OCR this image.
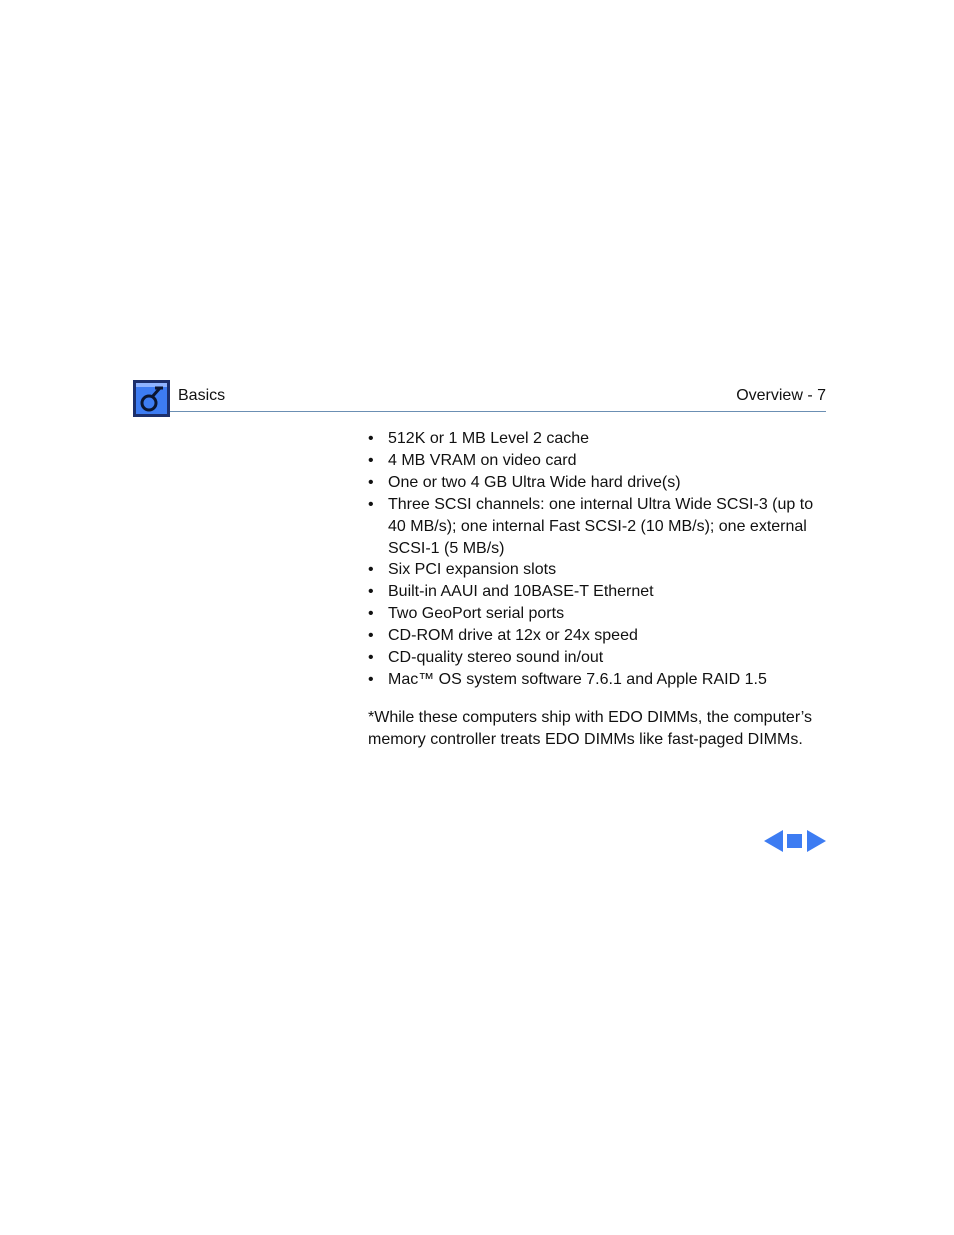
Basics	Overview - 7
• 512K or 1 MB Level 2 cache
• 4 MB VRAM on video card
• One or two 4 GB Ultra Wide hard drive(s)
• Three SCSI channels: one internal Ultra Wide SCSI-3 (up to 40 MB/s); one internal Fast SCSI-2 (10 MB/s); one external SCSI-1 (5 MB/s)
• Six PCI expansion slots
• Built-in AAUI and 10BASE-T Ethernet
• Two GeoPort serial ports
• CD-ROM drive at 12x or 24x speed
• CD-quality stereo sound in/out
• Mac™ OS system software 7.6.1 and Apple RAID 1.5

*While these computers ship with EDO DIMMs, the computer’s memory controller treats EDO DIMMs like fast-paged DIMMs.
